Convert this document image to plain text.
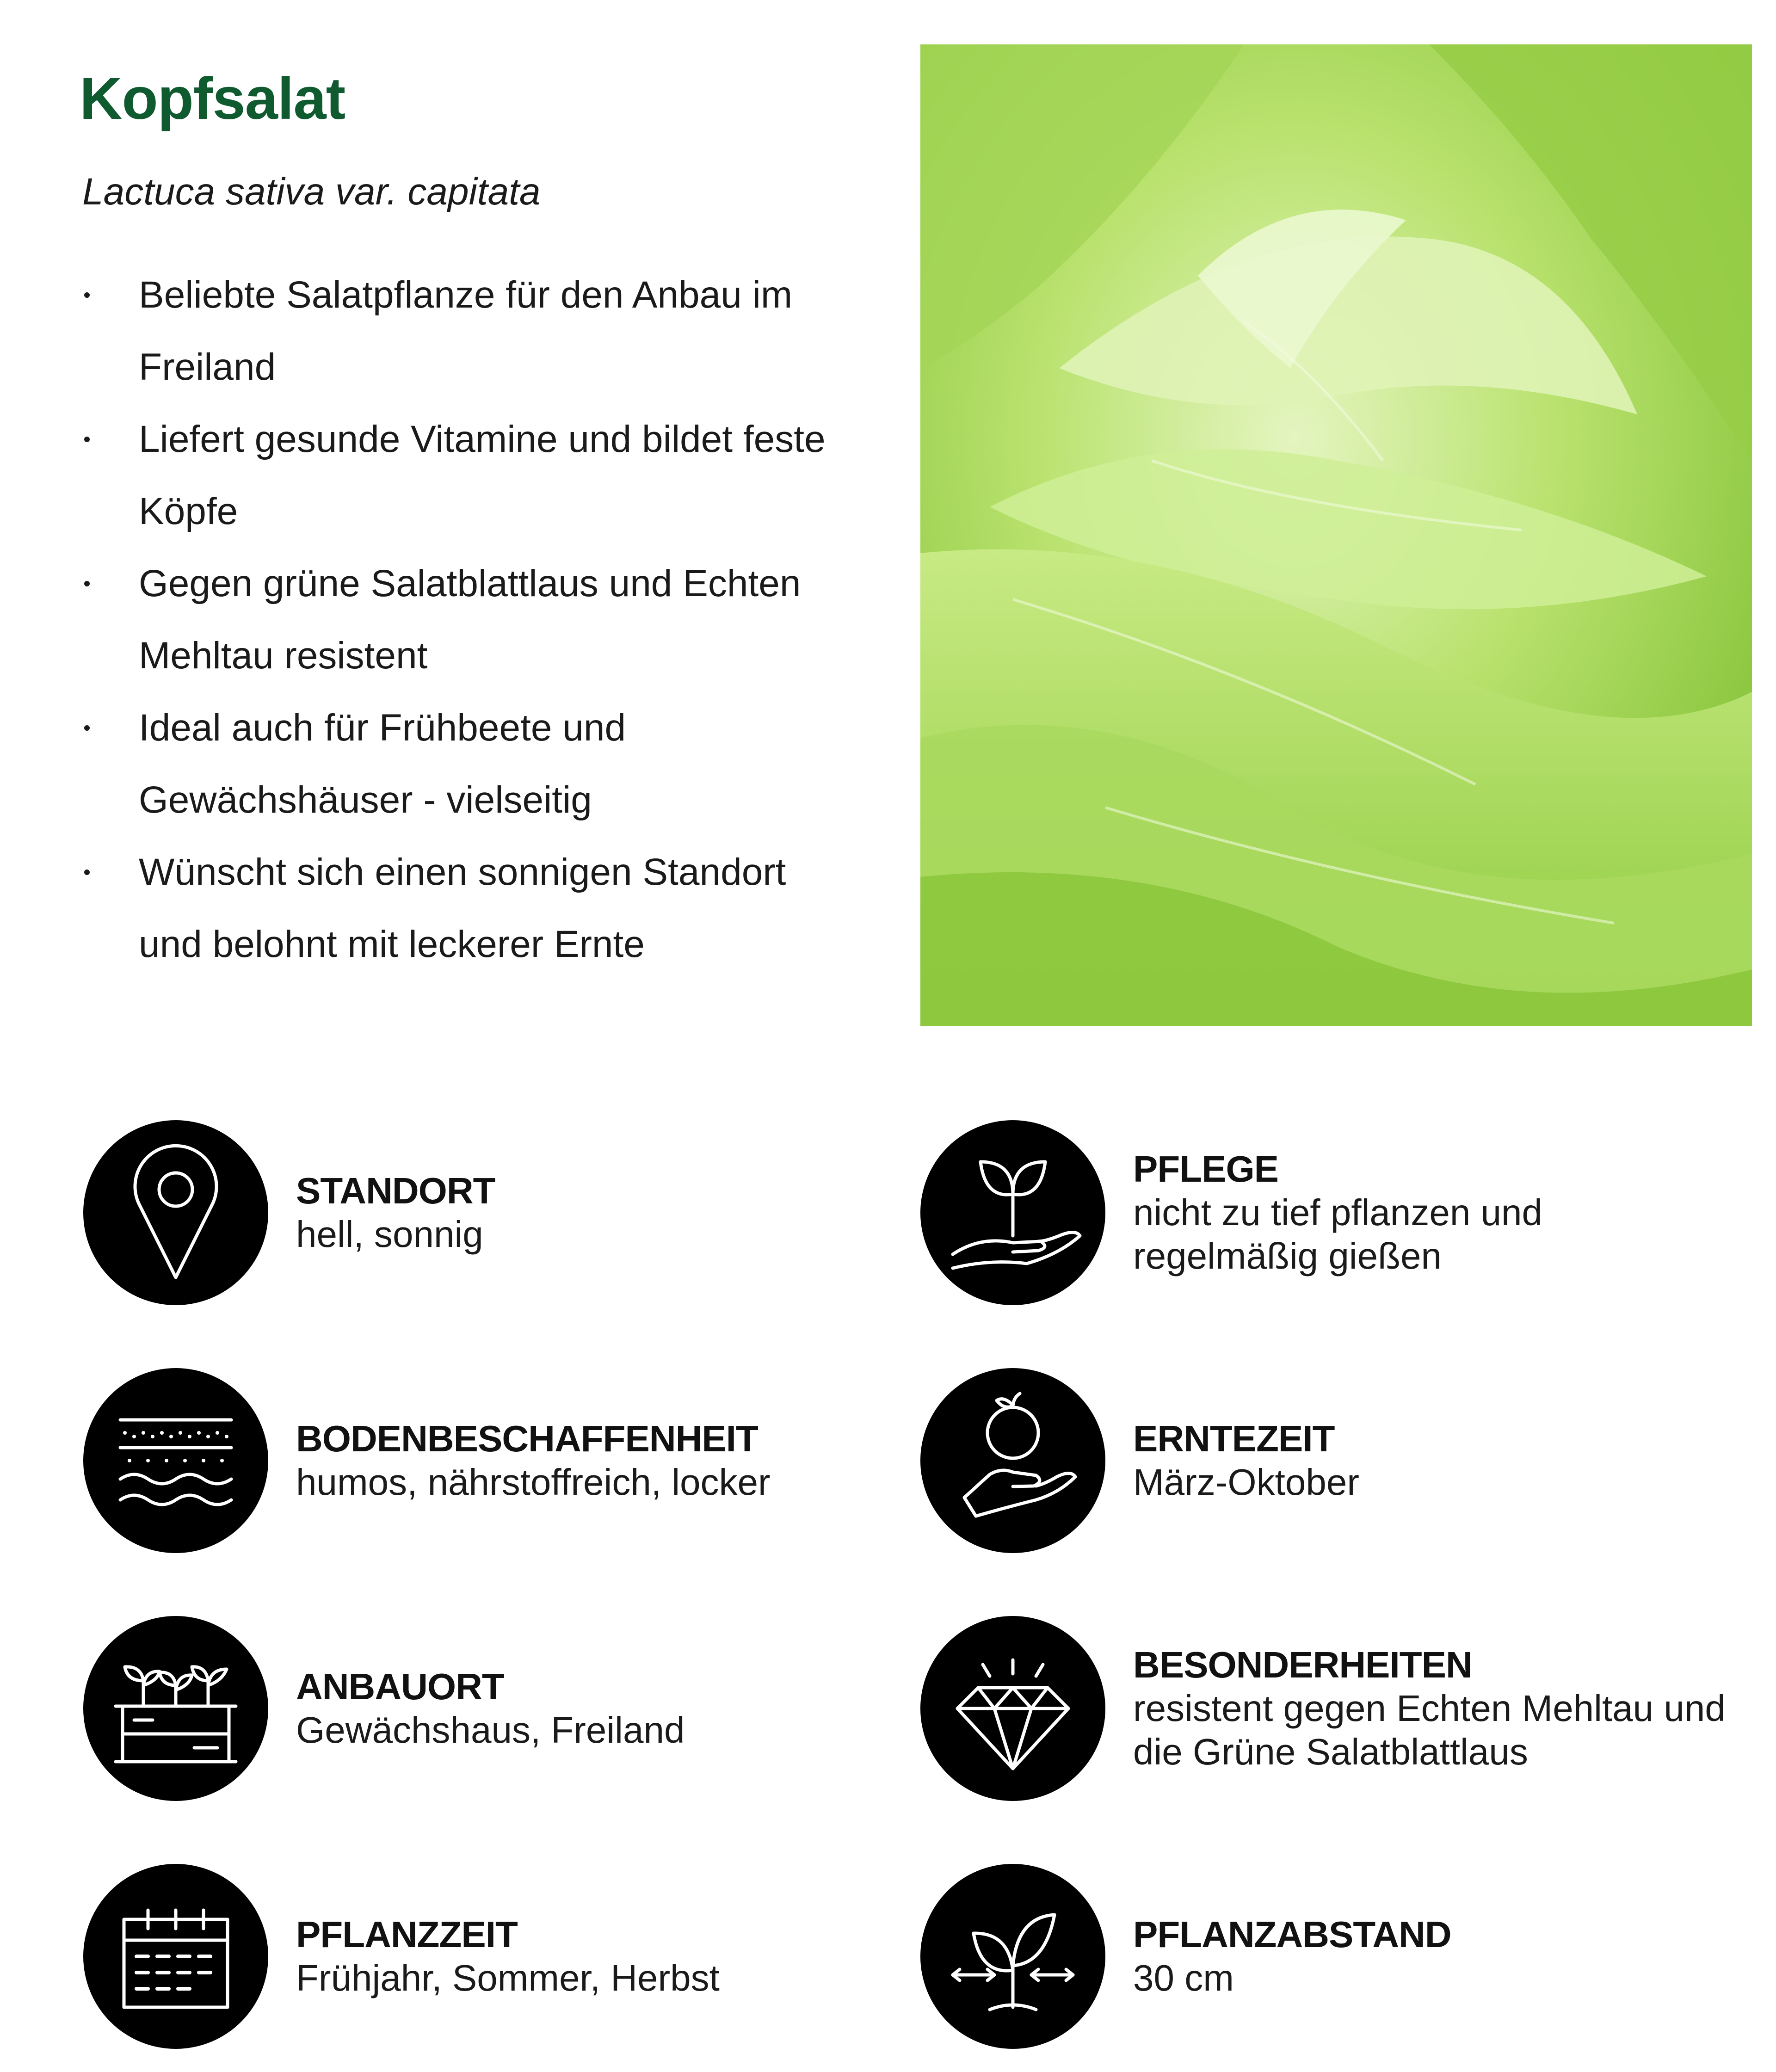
Kopfsalat

Lactuca sativa var. capitata

Beliebte Salatpflanze für den Anbau im Freiland
Liefert gesunde Vitamine und bildet feste Köpfe
Gegen grüne Salatblattlaus und Echten Mehltau resistent
Ideal auch für Frühbeete und Gewächshäuser - vielseitig
Wünscht sich einen sonnigen Standort und belohnt mit leckerer Ernte
STANDORT
hell, sonnig
PFLEGE
nicht zu tief pflanzen und regelmäßig gießen
BODENBESCHAFFENHEIT
humos, nährstoffreich, locker
ERNTEZEIT
März-Oktober
ANBAUORT
Gewächshaus, Freiland
BESONDERHEITEN
resistent gegen Echten Mehltau und die Grüne Salatblattlaus
PFLANZZEIT
Frühjahr, Sommer, Herbst
PFLANZABSTAND
30 cm
